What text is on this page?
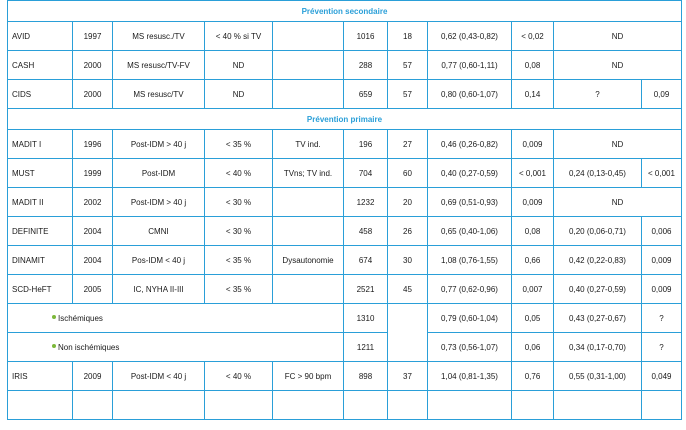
Prévention secondaire										
AVID	1997	MS resusc./TV	< 40 % si TV		1016	18	0,62 (0,43-0,82)	< 0,02	ND	
CASH	2000	MS resusc/TV-FV	ND		288	57	0,77 (0,60-1,11)	0,08	ND	
CIDS	2000	MS resusc/TV	ND		659	57	0,80 (0,60-1,07)	0,14	?	0,09
Prévention primaire										
MADIT I	1996	Post-IDM > 40 j	< 35 %	TV ind.	196	27	0,46 (0,26-0,82)	0,009	ND	
MUST	1999	Post-IDM	< 40 %	TVns; TV ind.	704	60	0,40 (0,27-0,59)	< 0,001	0,24 (0,13-0,45)	< 0,001
MADIT II	2002	Post-IDM > 40 j	< 30 %		1232	20	0,69 (0,51-0,93)	0,009	ND	
DEFINITE	2004	CMNI	< 30 %		458	26	0,65 (0,40-1,06)	0,08	0,20 (0,06-0,71)	0,006
DINAMIT	2004	Pos-IDM < 40 j	< 35 %	Dysautonomie	674	30	1,08 (0,76-1,55)	0,66	0,42 (0,22-0,83)	0,009
SCD-HeFT	2005	IC, NYHA II-III	< 35 %		2521	45	0,77 (0,62-0,96)	0,007	0,40 (0,27-0,59)	0,009
Ischémiques					1310		0,79 (0,60-1,04)	0,05	0,43 (0,27-0,67)	?
Non ischémiques					1211		0,73 (0,56-1,07)	0,06	0,34 (0,17-0,70)	?
IRIS	2009	Post-IDM < 40 j	< 40 %	FC > 90 bpm	898	37	1,04 (0,81-1,35)	0,76	0,55 (0,31-1,00)	0,049
